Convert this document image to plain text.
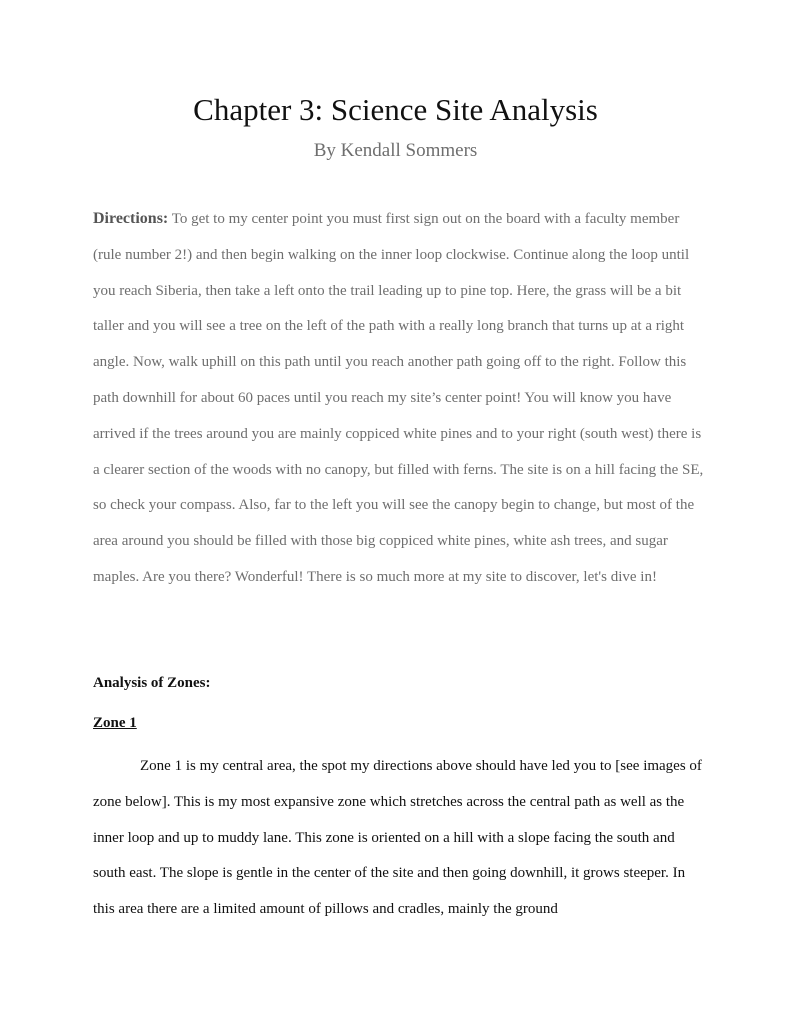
Chapter 3: Science Site Analysis
By Kendall Sommers

Directions: To get to my center point you must first sign out on the board with a faculty member (rule number 2!) and then begin walking on the inner loop clockwise. Continue along the loop until you reach Siberia, then take a left onto the trail leading up to pine top. Here, the grass will be a bit taller and you will see a tree on the left of the path with a really long branch that turns up at a right angle. Now, walk uphill on this path until you reach another path going off to the right. Follow this path downhill for about 60 paces until you reach my site’s center point! You will know you have arrived if the trees around you are mainly coppiced white pines and to your right (south west) there is a clearer section of the woods with no canopy, but filled with ferns. The site is on a hill facing the SE, so check your compass. Also, far to the left you will see the canopy begin to change, but most of the area around you should be filled with those big coppiced white pines, white ash trees, and sugar maples. Are you there? Wonderful! There is so much more at my site to discover, let's dive in!

Analysis of Zones:

Zone 1

Zone 1 is my central area, the spot my directions above should have led you to [see images of zone below]. This is my most expansive zone which stretches across the central path as well as the inner loop and up to muddy lane. This zone is oriented on a hill with a slope facing the south and south east. The slope is gentle in the center of the site and then going downhill, it grows steeper. In this area there are a limited amount of pillows and cradles, mainly the ground
